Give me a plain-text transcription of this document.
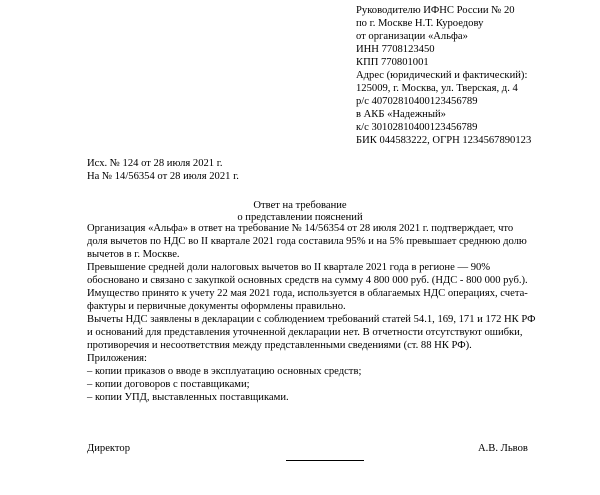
Руководителю ИФНС России № 20
по г. Москве Н.Т. Куроедову
от организации «Альфа»
ИНН 7708123450
КПП 770801001
Адрес (юридический и фактический):
125009, г. Москва, ул. Тверская, д. 4
р/с 40702810400123456789
в АКБ «Надежный»
к/с 30102810400123456789
БИК 044583222, ОГРН 1234567890123
Исх. № 124 от 28 июля 2021 г.
На № 14/56354 от 28 июля 2021 г.
Ответ на требование
о представлении пояснений
Организация «Альфа» в ответ на требование № 14/56354 от 28 июля 2021 г. подтверждает, что
доля вычетов по НДС во II квартале 2021 года составила 95% и на 5% превышает среднюю долю
вычетов в г. Москве.
Превышение средней доли налоговых вычетов во II квартале 2021 года в регионе — 90%
обосновано и связано с закупкой основных средств на сумму 4 800 000 руб. (НДС - 800 000 руб.).
Имущество принято к учету 22 мая 2021 года, используется в облагаемых НДС операциях, счета-
фактуры и первичные документы оформлены правильно.
Вычеты НДС заявлены в декларации с соблюдением требований статей 54.1, 169, 171 и 172 НК РФ
и оснований для представления уточненной декларации нет. В отчетности отсутствуют ошибки,
противоречия и несоответствия между представленными сведениями (ст. 88 НК РФ).
Приложения:
– копии приказов о вводе в эксплуатацию основных средств;
– копии договоров с поставщиками;
– копии УПД, выставленных поставщиками.
Директор	А.В. Львов
